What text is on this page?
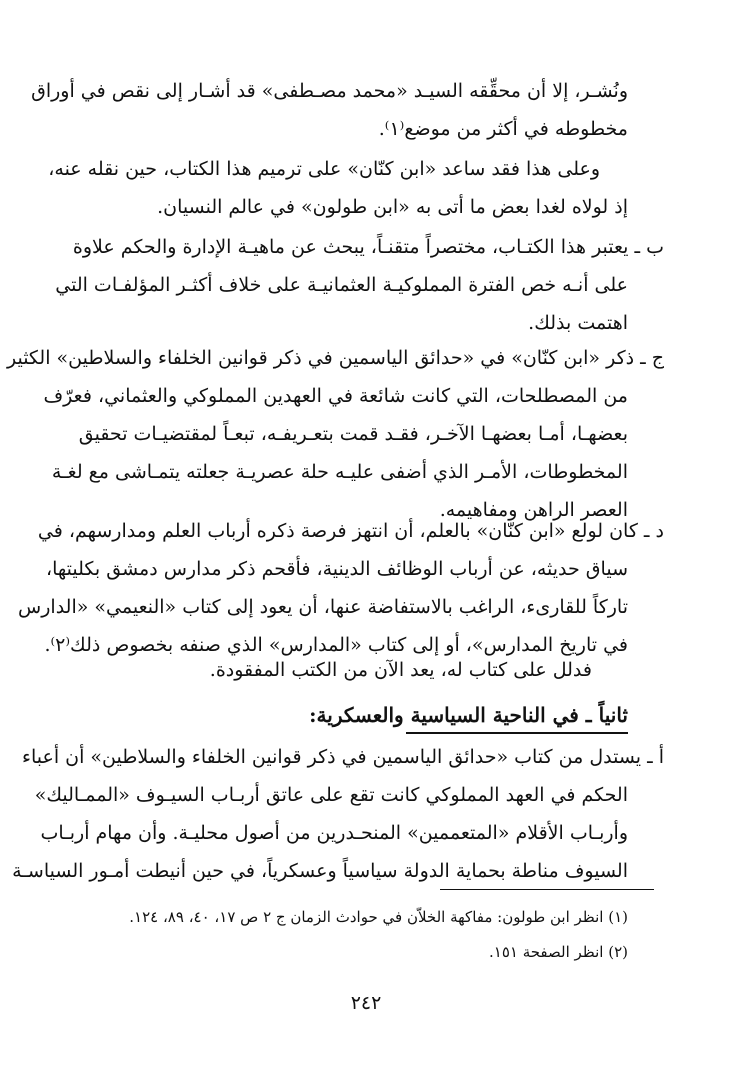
ونُشـر، إلا أن محقِّقه السيـد «محمد مصـطفى» قد أشـار إلى نقص في أوراق
مخطوطه في أكثر من موضع⁽١⁾.
وعلى هذا فقد ساعد «ابن كنّان» على ترميم هذا الكتاب، حين نقله عنه،
إذ لولاه لغدا بعض ما أتى به «ابن طولون» في عالم النسيان.
ب ـ يعتبر هذا الكتـاب، مختصراً متقنـاً، يبحث عن ماهيـة الإدارة والحكم علاوة
على أنـه خص الفترة المملوكيـة العثمانيـة على خلاف أكثـر المؤلفـات التي
اهتمت بذلك.
ج ـ ذكر «ابن كنّان» في «حدائق الياسمين في ذكر قوانين الخلفاء والسلاطين» الكثير
من المصطلحات، التي كانت شائعة في العهدين المملوكي والعثماني، فعرّف
بعضهـا، أمـا بعضهـا الآخـر، فقـد قمت بتعـريفـه، تبعـاً لمقتضيـات تحقيق
المخطوطات، الأمـر الذي أضفى عليـه حلة عصريـة جعلته يتمـاشى مع لغـة
العصر الراهن ومفاهيمه.
د ـ كان لولع «ابن كنّان» بالعلم، أن انتهز فرصة ذكره أرباب العلم ومدارسهم، في
سياق حديثه، عن أرباب الوظائف الدينية، فأقحم ذكر مدارس دمشق بكليتها،
تاركاً للقارىء، الراغب بالاستفاضة عنها، أن يعود إلى كتاب «النعيمي» «الدارس
في تاريخ المدارس»، أو إلى كتاب «المدارس» الذي صنفه بخصوص ذلك⁽٢⁾.
فدلل على كتاب له، يعد الآن من الكتب المفقودة.
ثانياً ـ في الناحية السياسية والعسكرية:
أ ـ يستدل من كتاب «حدائق الياسمين في ذكر قوانين الخلفاء والسلاطين» أن أعباء
الحكم في العهد المملوكي كانت تقع على عاتق أربـاب السيـوف «الممـاليك»
وأربـاب الأقلام «المتعممين» المنحـدرين من أصول محليـة. وأن مهام أربـاب
السيوف مناطة بحماية الدولة سياسياً وعسكرياً، في حين أنيطت أمـور السياسـة
(١) انظر ابن طولون: مفاكهة الخلاّن في حوادث الزمان ج ٢ ص ١٧، ٤٠، ٨٩، ١٢٤.
(٢) انظر الصفحة ١٥١.
٢٤٢
